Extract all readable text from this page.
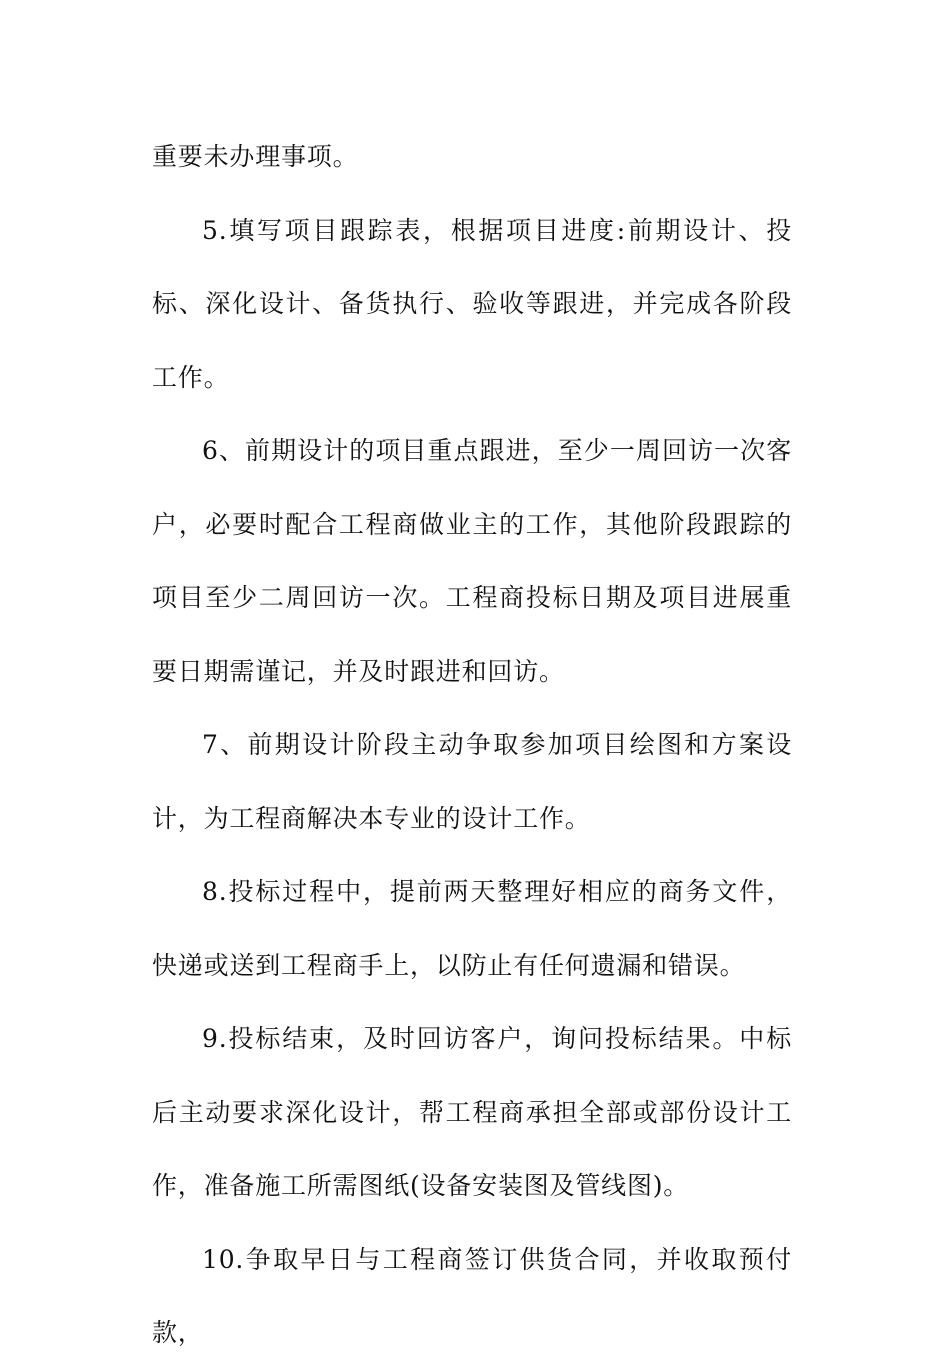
重要未办理事项。

5.填写项目跟踪表，根据项目进度:前期设计、投标、深化设计、备货执行、验收等跟进，并完成各阶段工作。

6、前期设计的项目重点跟进，至少一周回访一次客户，必要时配合工程商做业主的工作，其他阶段跟踪的项目至少二周回访一次。工程商投标日期及项目进展重要日期需谨记，并及时跟进和回访。

7、前期设计阶段主动争取参加项目绘图和方案设计，为工程商解决本专业的设计工作。

8.投标过程中，提前两天整理好相应的商务文件，快递或送到工程商手上，以防止有任何遗漏和错误。

9.投标结束，及时回访客户，询问投标结果。中标后主动要求深化设计，帮工程商承担全部或部份设计工作，准备施工所需图纸(设备安装图及管线图)。

10.争取早日与工程商签订供货合同，并收取预付款，
